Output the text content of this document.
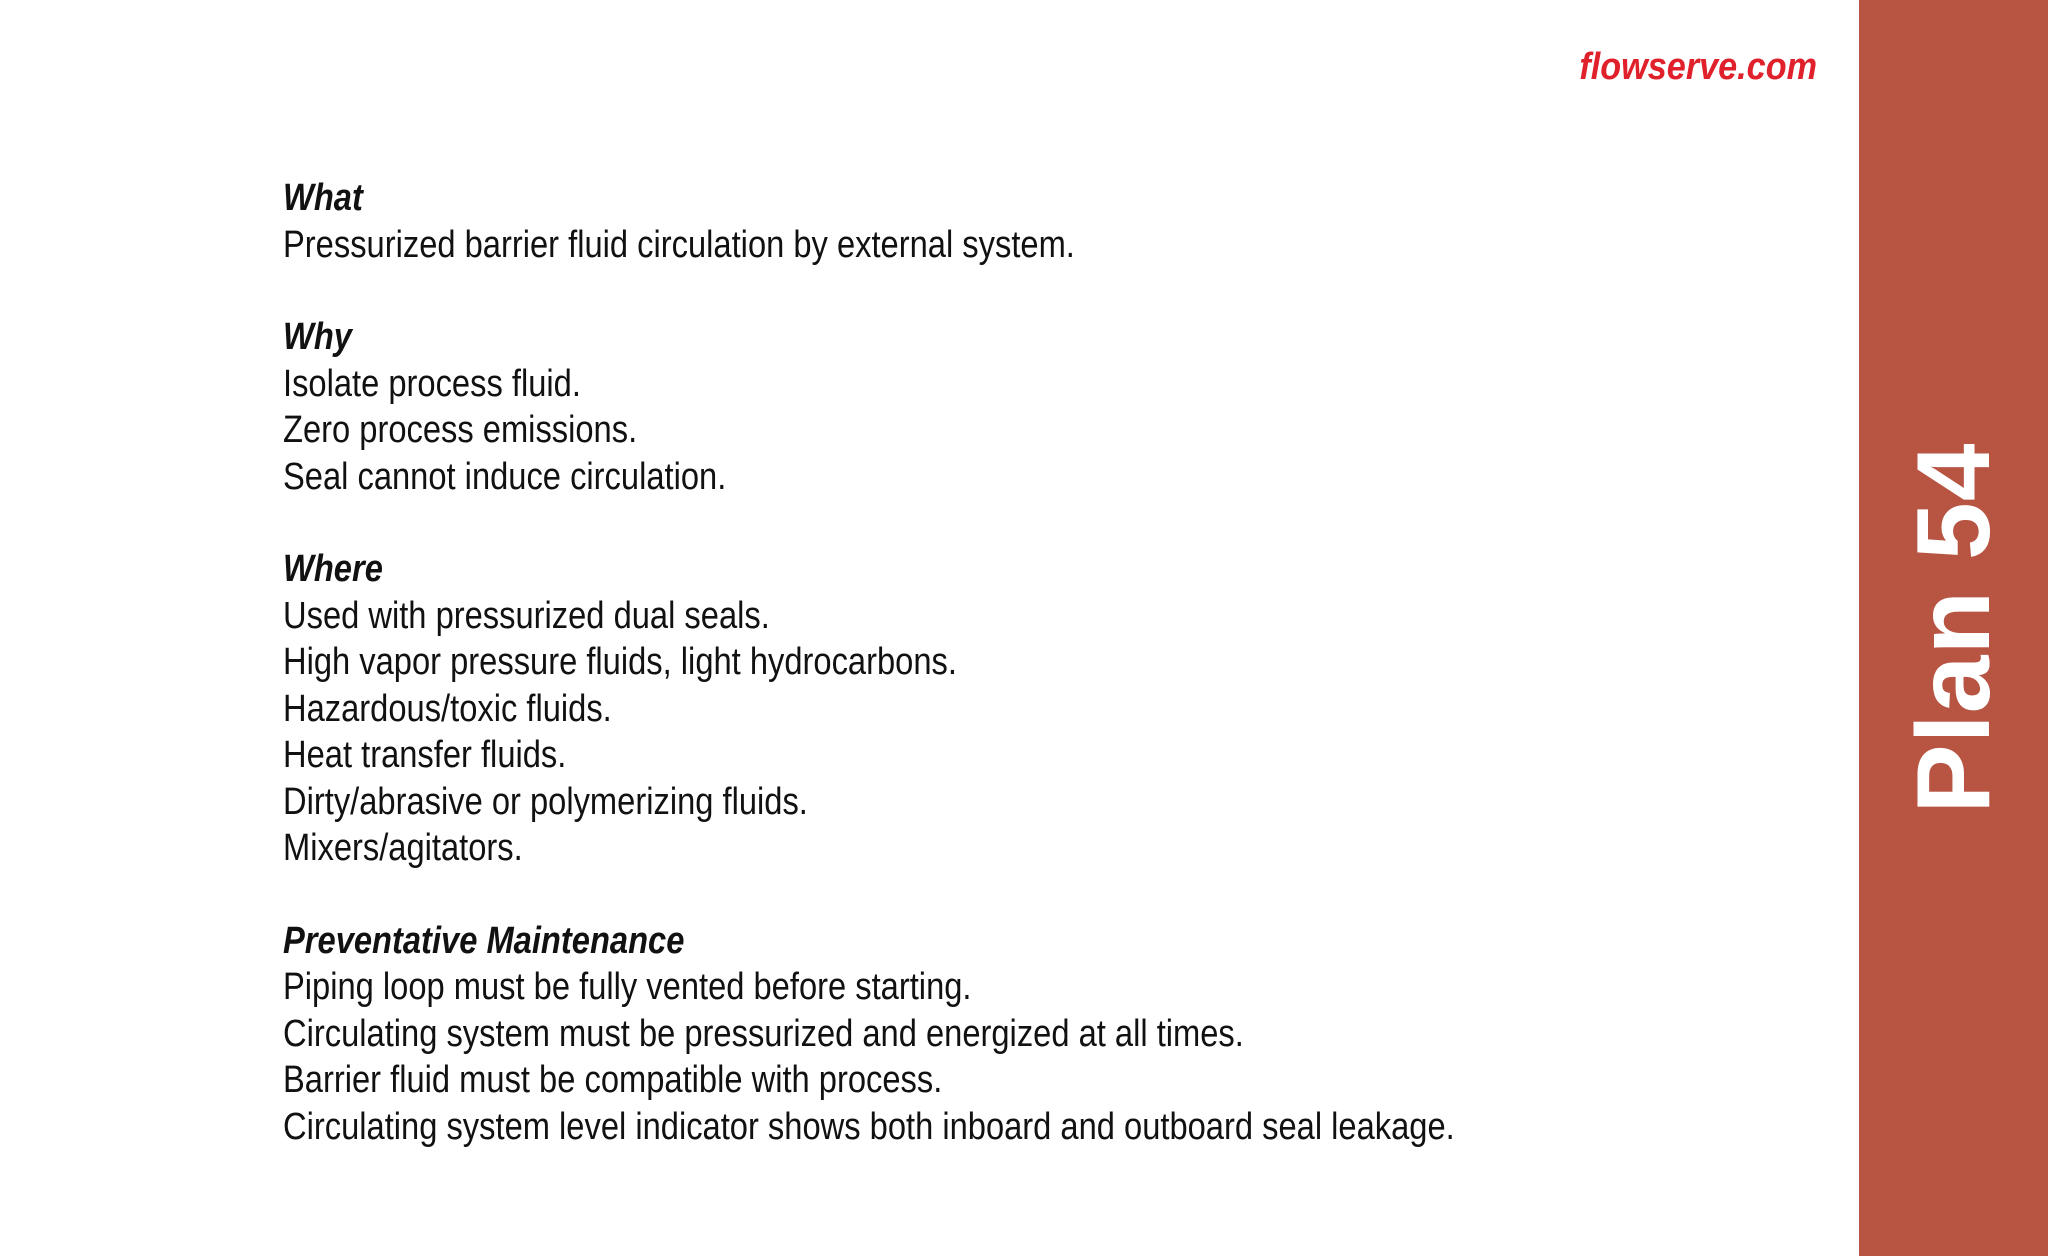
flowserve.com
What
Pressurized barrier fluid circulation by external system.
Why
Isolate process fluid.
Zero process emissions.
Seal cannot induce circulation.
Where
Used with pressurized dual seals.
High vapor pressure fluids, light hydrocarbons.
Hazardous/toxic fluids.
Heat transfer fluids.
Dirty/abrasive or polymerizing fluids.
Mixers/agitators.
Preventative Maintenance
Piping loop must be fully vented before starting.
Circulating system must be pressurized and energized at all times.
Barrier fluid must be compatible with process.
Circulating system level indicator shows both inboard and outboard seal leakage.
Plan 54
